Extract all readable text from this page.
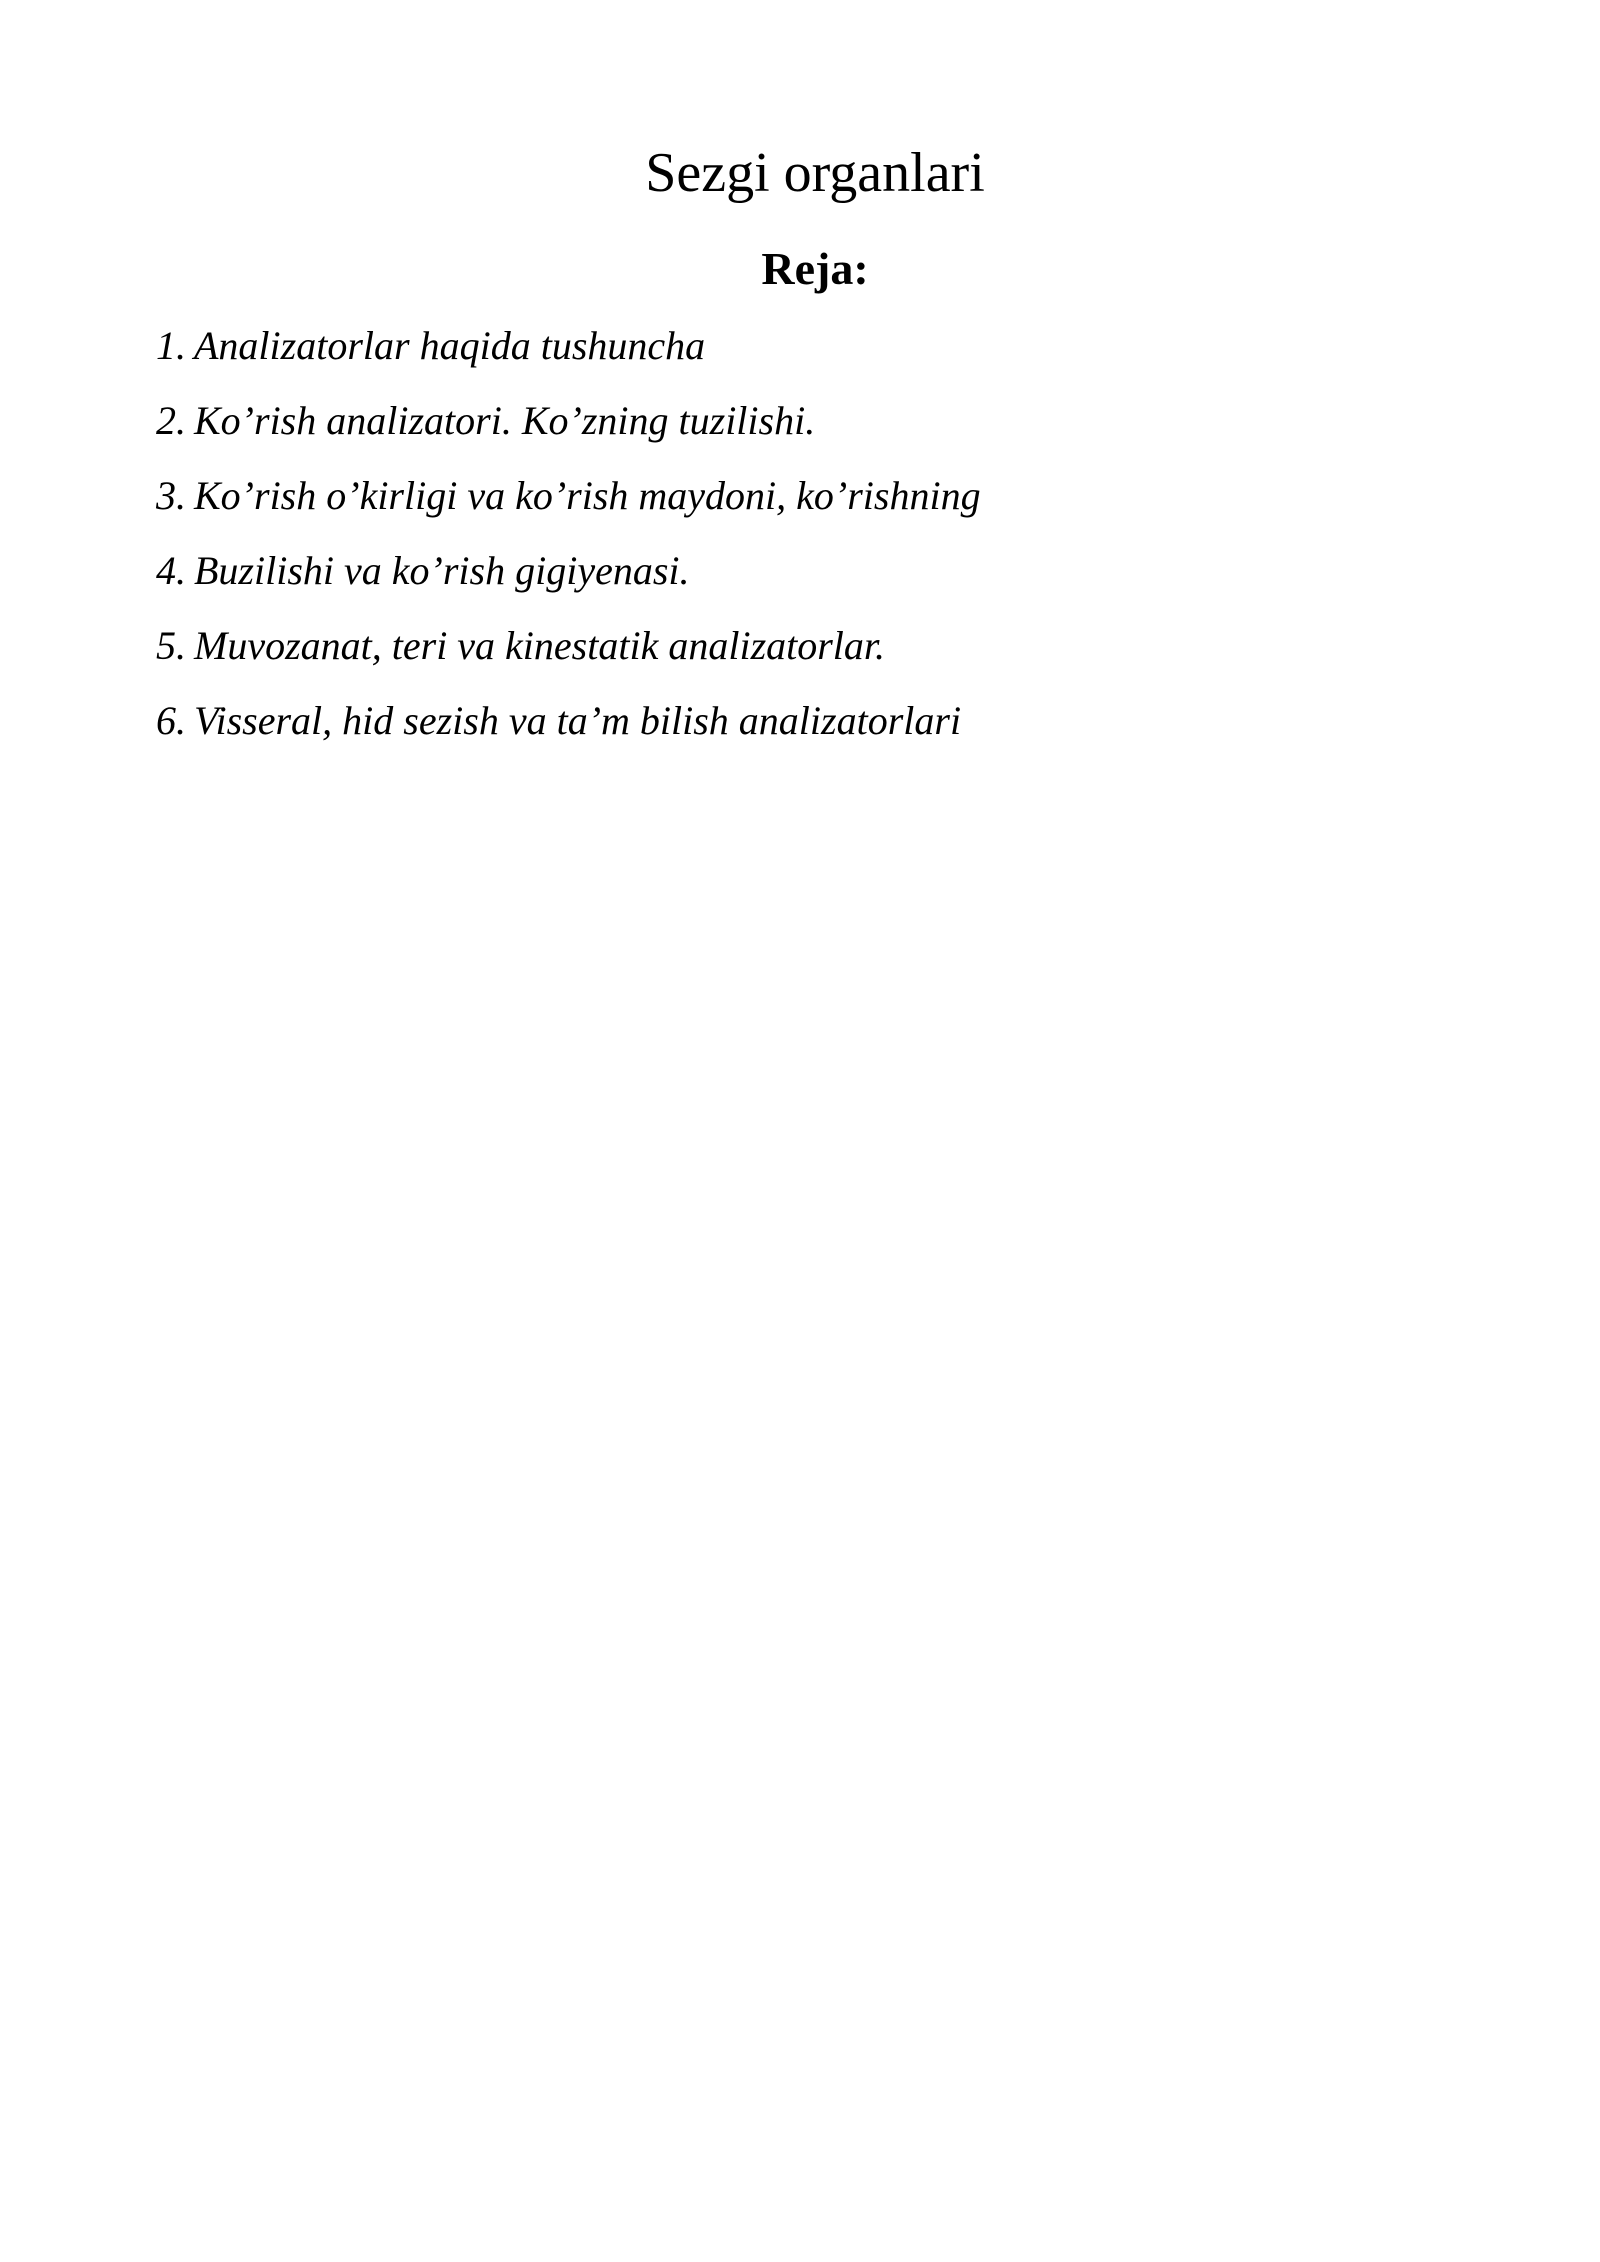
Sezgi organlari
Reja:
1. Analizatorlar haqida tushuncha
2. Ko’rish analizatori. Ko’zning tuzilishi.
3. Ko’rish o’kirligi va ko’rish maydoni, ko’rishning
4. Buzilishi va ko’rish gigiyenasi.
5. Muvozanat, teri va kinestatik analizatorlar.
6. Visseral, hid sezish va ta’m bilish analizatorlari
